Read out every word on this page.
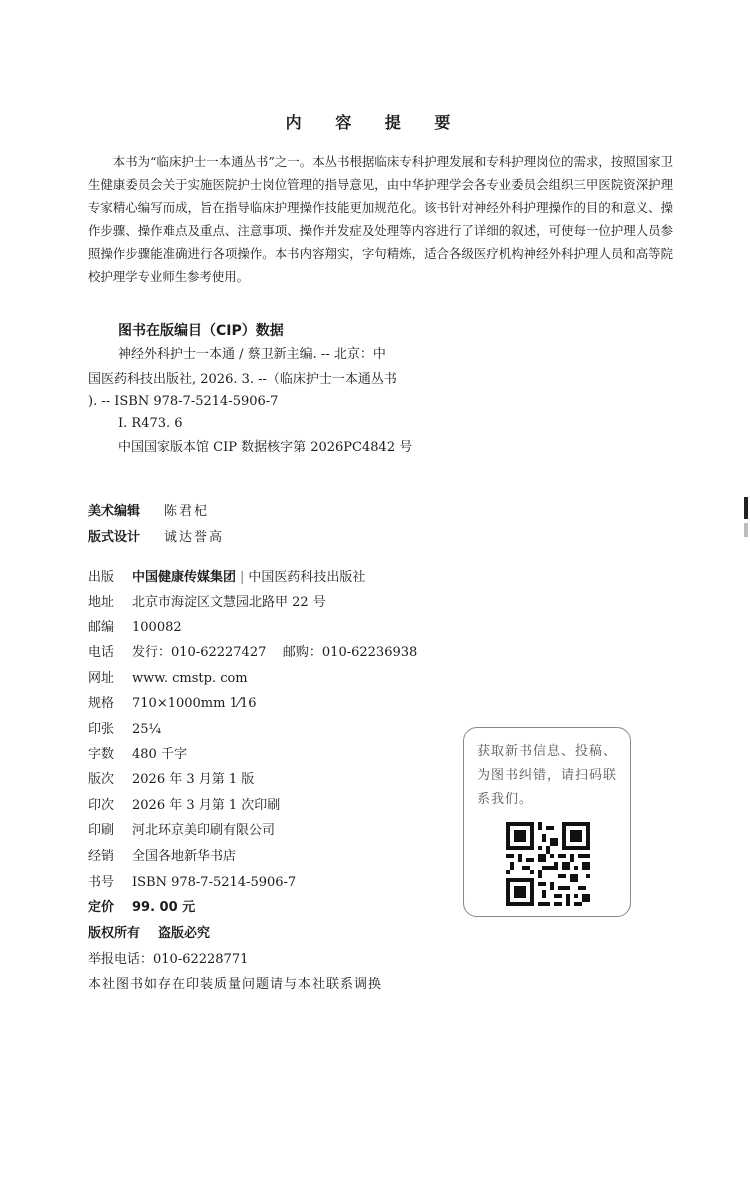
内 容 提 要

本书为“临床护士一本通丛书”之一。本丛书根据临床专科护理发展和专科护理岗位的需求，按照国家卫生健康委员会关于实施医院护士岗位管理的指导意见，由中华护理学会各专业委员会组织三甲医院资深护理专家精心编写而成，旨在指导临床护理操作技能更加规范化。该书针对神经外科护理操作的目的和意义、操作步骤、操作难点及重点、注意事项、操作并发症及处理等内容进行了详细的叙述，可使每一位护理人员参照操作步骤能准确进行各项操作。本书内容翔实，字句精炼，适合各级医疗机构神经外科护理人员和高等院校护理学专业师生参考使用。

图书在版编目（CIP）数据
神经外科护士一本通 / 蔡卫新主编. -- 北京：中
国医药科技出版社, 2026. 3. --（临床护士一本通丛书
). -- ISBN 978-7-5214-5906-7
Ⅰ. R473. 6
中国国家版本馆 CIP 数据核字第 2026PC4842 号
美术编辑 陈君杞
版式设计 诚达誉高
出版 中国健康传媒集团 | 中国医药科技出版社
地址 北京市海淀区文慧园北路甲 22 号
邮编 100082
电话 发行：010-62227427    邮购：010-62236938
网址 www. cmstp. com
规格 710×1000mm 1⁄16
印张 25¼
字数 480 千字
版次 2026 年 3 月第 1 版
印次 2026 年 3 月第 1 次印刷
印刷 河北环京美印刷有限公司
经销 全国各地新华书店
书号 ISBN 978-7-5214-5906-7
定价 99. 00 元
版权所有 盗版必究
举报电话：010-62228771
本社图书如存在印装质量问题请与本社联系调换
获取新书信息、投稿、为图书纠错，请扫码联系我们。
